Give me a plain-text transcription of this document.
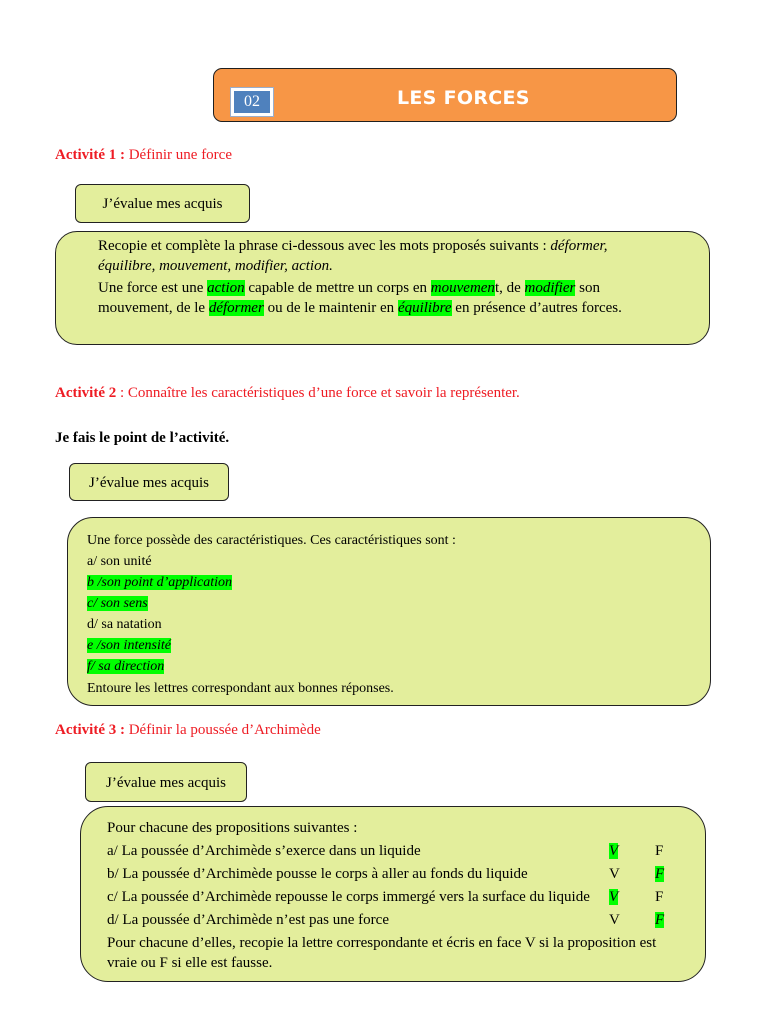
02	LES FORCES
Activité 1 : Définir une force
J’évalue mes acquis
Recopie et complète la phrase ci-dessous avec les mots proposés suivants : déformer,
équilibre, mouvement, modifier, action.
Une force est une action capable de mettre un corps en mouvement, de modifier son
mouvement, de le déformer ou de le maintenir en équilibre en présence d’autres forces.
Activité 2 : Connaître les caractéristiques d’une force et savoir la représenter.
Je fais le point de l’activité.
J’évalue mes acquis
Une force possède des caractéristiques. Ces caractéristiques sont :
a/ son unité
b /son point d’application
c/ son sens
d/ sa natation
e /son intensité
f/ sa direction
Entoure les lettres correspondant aux bonnes réponses.
Activité 3 : Définir la poussée d’Archimède
J’évalue mes acquis
Pour chacune des propositions suivantes :
a/ La poussée d’Archimède s’exerce dans un liquide	V F
b/ La poussée d’Archimède pousse le corps à aller au fonds du liquide	V F
c/ La poussée d’Archimède repousse le corps immergé vers la surface du liquide V F
d/ La poussée d’Archimède n’est pas une force	V F
Pour chacune d’elles, recopie la lettre correspondante et écris en face V si la proposition est
vraie ou F si elle est fausse.
